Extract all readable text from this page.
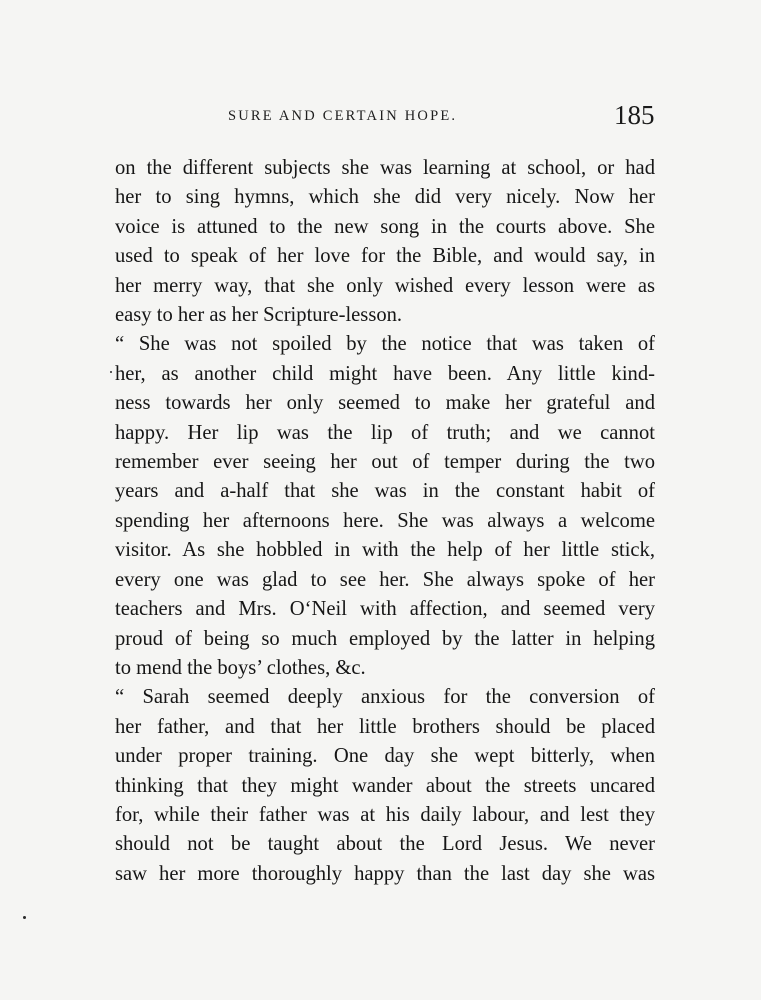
SURE AND CERTAIN HOPE.	185

on the different subjects she was learning at school, or had

her to sing hymns, which she did very nicely. Now her

voice is attuned to the new song in the courts above. She

used to speak of her love for the Bible, and would say, in

her merry way, that she only wished every lesson were as

easy to her as her Scripture-lesson.

“ She was not spoiled by the notice that was taken of

her, as another child might have been. Any little kind-

ness towards her only seemed to make her grateful and

happy. Her lip was the lip of truth; and we cannot

remember ever seeing her out of temper during the two

years and a-half that she was in the constant habit of

spending her afternoons here. She was always a welcome

visitor. As she hobbled in with the help of her little stick,

every one was glad to see her. She always spoke of her

teachers and Mrs. O‘Neil with affection, and seemed very

proud of being so much employed by the latter in helping

to mend the boys’ clothes, &c.

“ Sarah seemed deeply anxious for the conversion of

her father, and that her little brothers should be placed

under proper training. One day she wept bitterly, when

thinking that they might wander about the streets uncared

for, while their father was at his daily labour, and lest they

should not be taught about the Lord Jesus. We never

saw her more thoroughly happy than the last day she was
